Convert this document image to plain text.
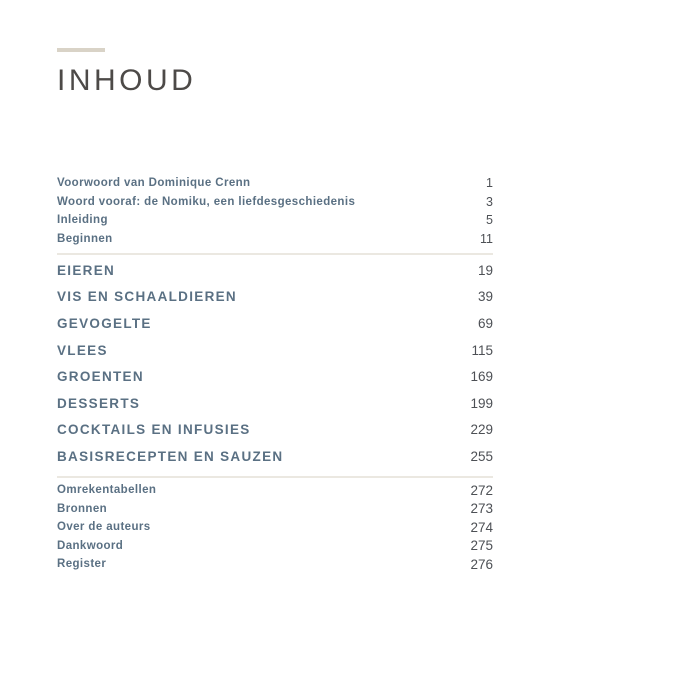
INHOUD
Voorwoord van Dominique Crenn	1
Woord vooraf: de Nomiku, een liefdesgeschiedenis	3
Inleiding	5
Beginnen	11
EIEREN	19
VIS EN SCHAALDIEREN	39
GEVOGELTE	69
VLEES	115
GROENTEN	169
DESSERTS	199
COCKTAILS EN INFUSIES	229
BASISRECEPTEN EN SAUZEN	255
Omrekentabellen	272
Bronnen	273
Over de auteurs	274
Dankwoord	275
Register	276
